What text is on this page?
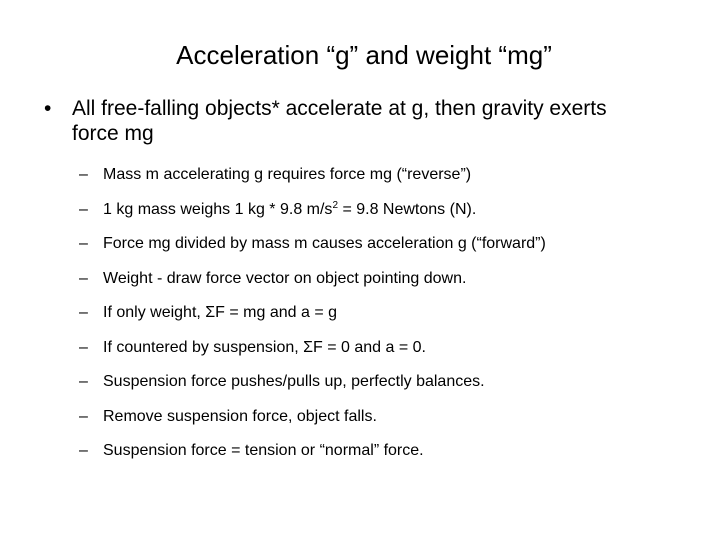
Acceleration “g” and weight “mg”
• All free-falling objects* accelerate at g, then gravity exerts force mg
– Mass m accelerating g requires force mg (“reverse”)
– 1 kg mass weighs 1 kg * 9.8 $m/s^2 = 9.8$ Newtons (N).
– Force mg divided by mass m causes acceleration g (“forward”)
– Weight - draw force vector on object pointing down.
– If only weight, ΣF = mg and a = g
– If countered by suspension, ΣF = 0 and a = 0.
– Suspension force pushes/pulls up, perfectly balances.
– Remove suspension force, object falls.
– Suspension force = tension or “normal” force.
